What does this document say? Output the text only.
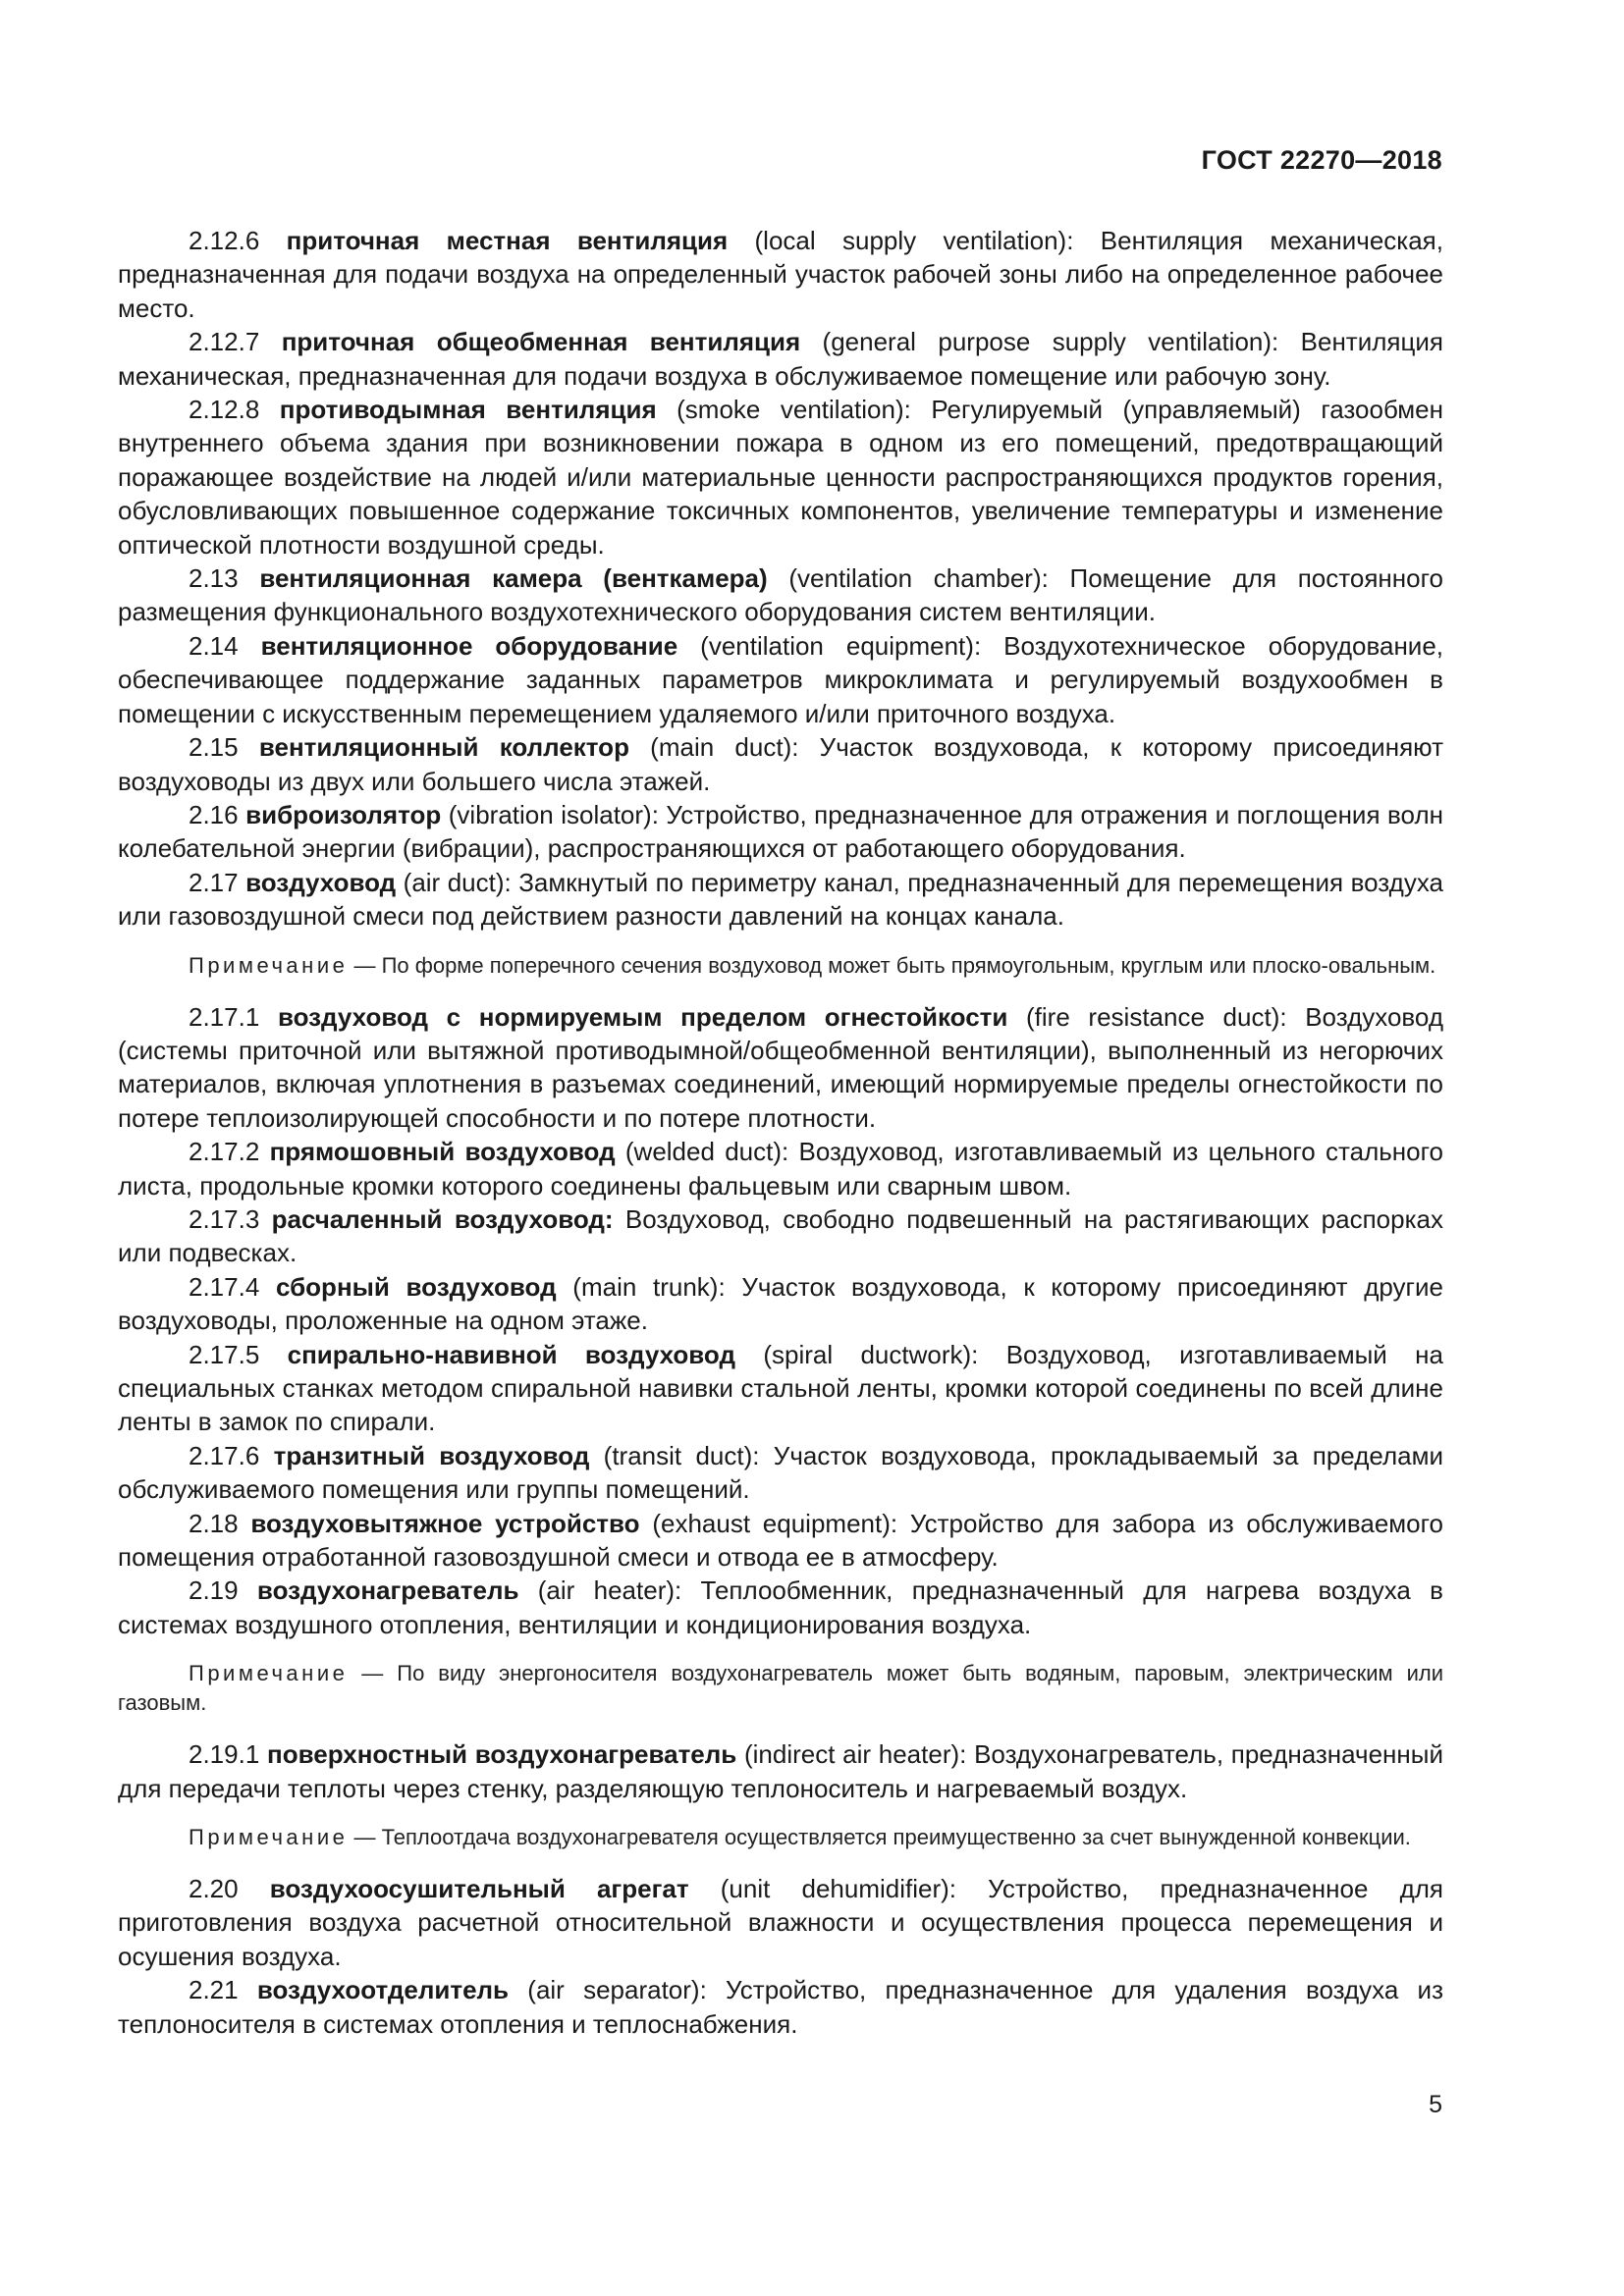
ГОСТ 22270—2018

2.12.6 приточная местная вентиляция (local supply ventilation): Вентиляция механическая, предназначенная для подачи воздуха на определенный участок рабочей зоны либо на определенное рабочее место.

2.12.7 приточная общеобменная вентиляция (general purpose supply ventilation): Вентиляция механическая, предназначенная для подачи воздуха в обслуживаемое помещение или рабочую зону.

2.12.8 противодымная вентиляция (smoke ventilation): Регулируемый (управляемый) газообмен внутреннего объема здания при возникновении пожара в одном из его помещений, предотвращающий поражающее воздействие на людей и/или материальные ценности распространяющихся продуктов горения, обусловливающих повышенное содержание токсичных компонентов, увеличение температуры и изменение оптической плотности воздушной среды.

2.13 вентиляционная камера (венткамера) (ventilation chamber): Помещение для постоянного размещения функционального воздухотехнического оборудования систем вентиляции.

2.14 вентиляционное оборудование (ventilation equipment): Воздухотехническое оборудование, обеспечивающее поддержание заданных параметров микроклимата и регулируемый воздухообмен в помещении с искусственным перемещением удаляемого и/или приточного воздуха.

2.15 вентиляционный коллектор (main duct): Участок воздуховода, к которому присоединяют воздуховоды из двух или большего числа этажей.

2.16 виброизолятор (vibration isolator): Устройство, предназначенное для отражения и поглощения волн колебательной энергии (вибрации), распространяющихся от работающего оборудования.

2.17 воздуховод (air duct): Замкнутый по периметру канал, предназначенный для перемещения воздуха или газовоздушной смеси под действием разности давлений на концах канала.

Примечание — По форме поперечного сечения воздуховод может быть прямоугольным, круглым или плоско-овальным.

2.17.1 воздуховод с нормируемым пределом огнестойкости (fire resistance duct): Воздуховод (системы приточной или вытяжной противодымной/общеобменной вентиляции), выполненный из негорючих материалов, включая уплотнения в разъемах соединений, имеющий нормируемые пределы огнестойкости по потере теплоизолирующей способности и по потере плотности.

2.17.2 прямошовный воздуховод (welded duct): Воздуховод, изготавливаемый из цельного стального листа, продольные кромки которого соединены фальцевым или сварным швом.

2.17.3 расчаленный воздуховод: Воздуховод, свободно подвешенный на растягивающих распорках или подвесках.

2.17.4 сборный воздуховод (main trunk): Участок воздуховода, к которому присоединяют другие воздуховоды, проложенные на одном этаже.

2.17.5 спирально-навивной воздуховод (spiral ductwork): Воздуховод, изготавливаемый на специальных станках методом спиральной навивки стальной ленты, кромки которой соединены по всей длине ленты в замок по спирали.

2.17.6 транзитный воздуховод (transit duct): Участок воздуховода, прокладываемый за пределами обслуживаемого помещения или группы помещений.

2.18 воздуховытяжное устройство (exhaust equipment): Устройство для забора из обслуживаемого помещения отработанной газовоздушной смеси и отвода ее в атмосферу.

2.19 воздухонагреватель (air heater): Теплообменник, предназначенный для нагрева воздуха в системах воздушного отопления, вентиляции и кондиционирования воздуха.

Примечание — По виду энергоносителя воздухонагреватель может быть водяным, паровым, электрическим или газовым.

2.19.1 поверхностный воздухонагреватель (indirect air heater): Воздухонагреватель, предназначенный для передачи теплоты через стенку, разделяющую теплоноситель и нагреваемый воздух.

Примечание — Теплоотдача воздухонагревателя осуществляется преимущественно за счет вынужденной конвекции.

2.20 воздухоосушительный агрегат (unit dehumidifier): Устройство, предназначенное для приготовления воздуха расчетной относительной влажности и осуществления процесса перемещения и осушения воздуха.

2.21 воздухоотделитель (air separator): Устройство, предназначенное для удаления воздуха из теплоносителя в системах отопления и теплоснабжения.

5
